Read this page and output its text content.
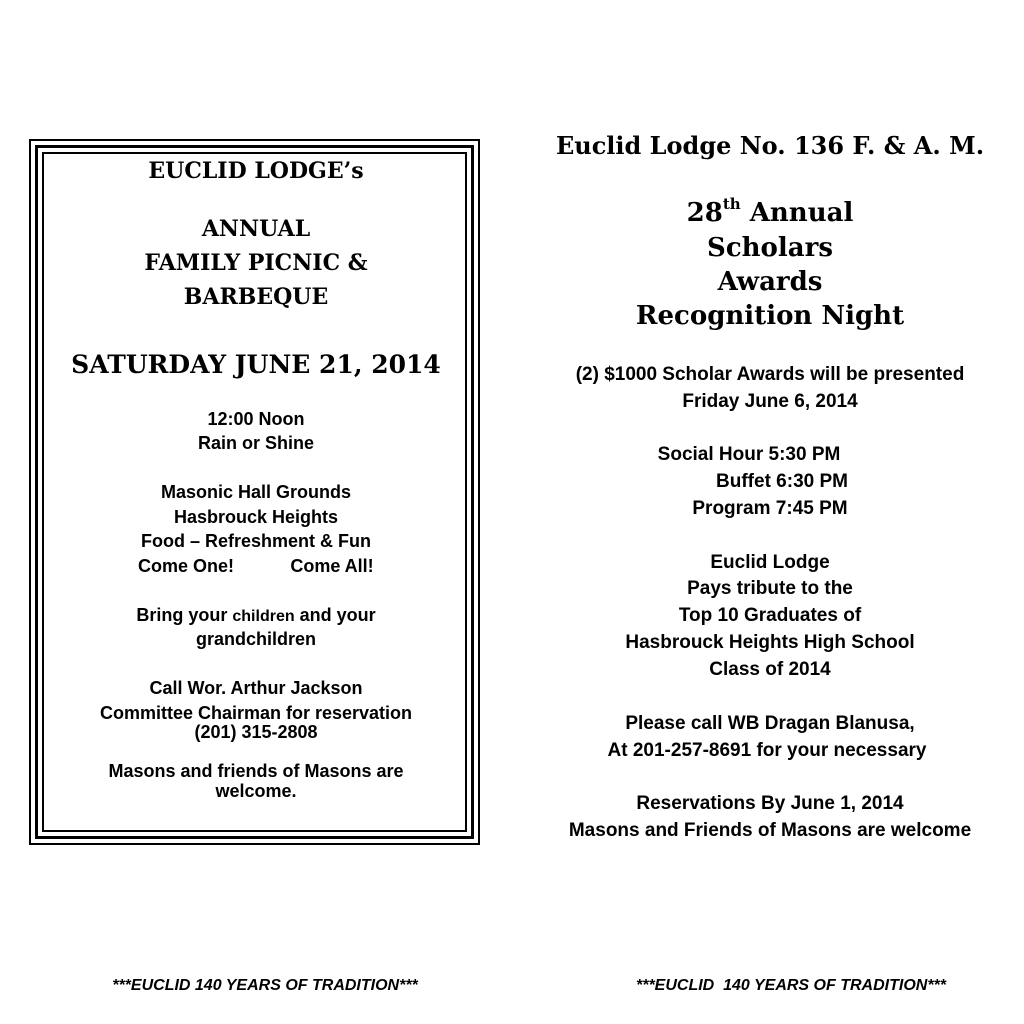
EUCLID LODGE’s
ANNUAL
FAMILY PICNIC &
BARBEQUE
SATURDAY JUNE 21, 2014
12:00 Noon
Rain or Shine
Masonic Hall Grounds
Hasbrouck Heights
Food – Refreshment & Fun
Come One!	Come All!
Bring your children and your
grandchildren
Call Wor. Arthur Jackson
Committee Chairman for reservation
(201) 315-2808
Masons and friends of Masons are
welcome.
Euclid Lodge No. 136 F. & A. M.
28th Annual
Scholars
Awards
Recognition Night
(2) $1000 Scholar Awards will be presented
Friday June 6, 2014
Social Hour 5:30 PM
Buffet 6:30 PM
Program 7:45 PM
Euclid Lodge
Pays tribute to the
Top 10 Graduates of
Hasbrouck Heights High School
Class of 2014
Please call WB Dragan Blanusa,
At 201-257-8691 for your necessary
Reservations By June 1, 2014
Masons and Friends of Masons are welcome
***EUCLID 140 YEARS OF TRADITION***	***EUCLID  140 YEARS OF TRADITION***
